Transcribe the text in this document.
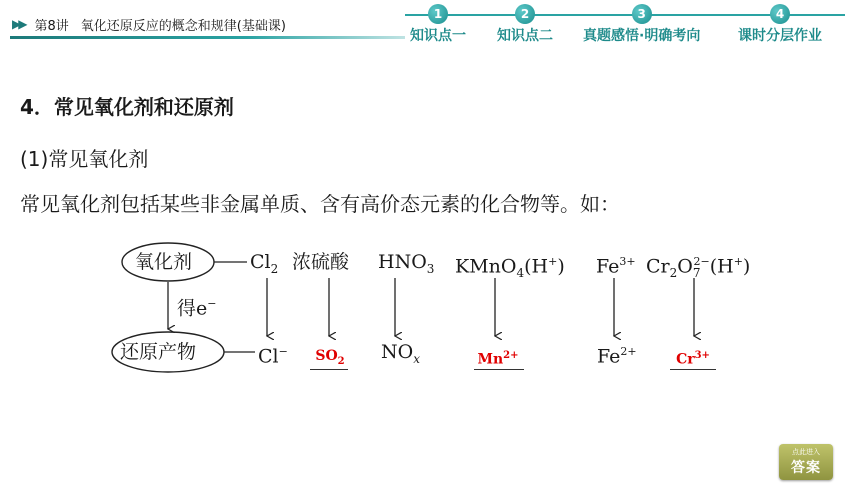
▶▶ 第8讲 氧化还原反应的概念和规律(基础课)
1
知识点一
2
知识点二
3
真题感悟·明确考向
4
课时分层作业
4．常见氧化剂和还原剂
(1)常见氧化剂
常见氧化剂包括某些非金属单质、含有高价态元素的化合物等。如：
氧化剂
得e−
还原产物
$Cl_2$ 浓硫酸 $HNO_3$ KMnO$_4$(H+) $Fe^{3+}$ $Cr_2O_7^{2-}(H^+)$
Cl−	$SO_2$ $NO_x$	$Mn^{2+}$	$Fe^{2+}$
$Cr^{3+}$
点此进入
答案
